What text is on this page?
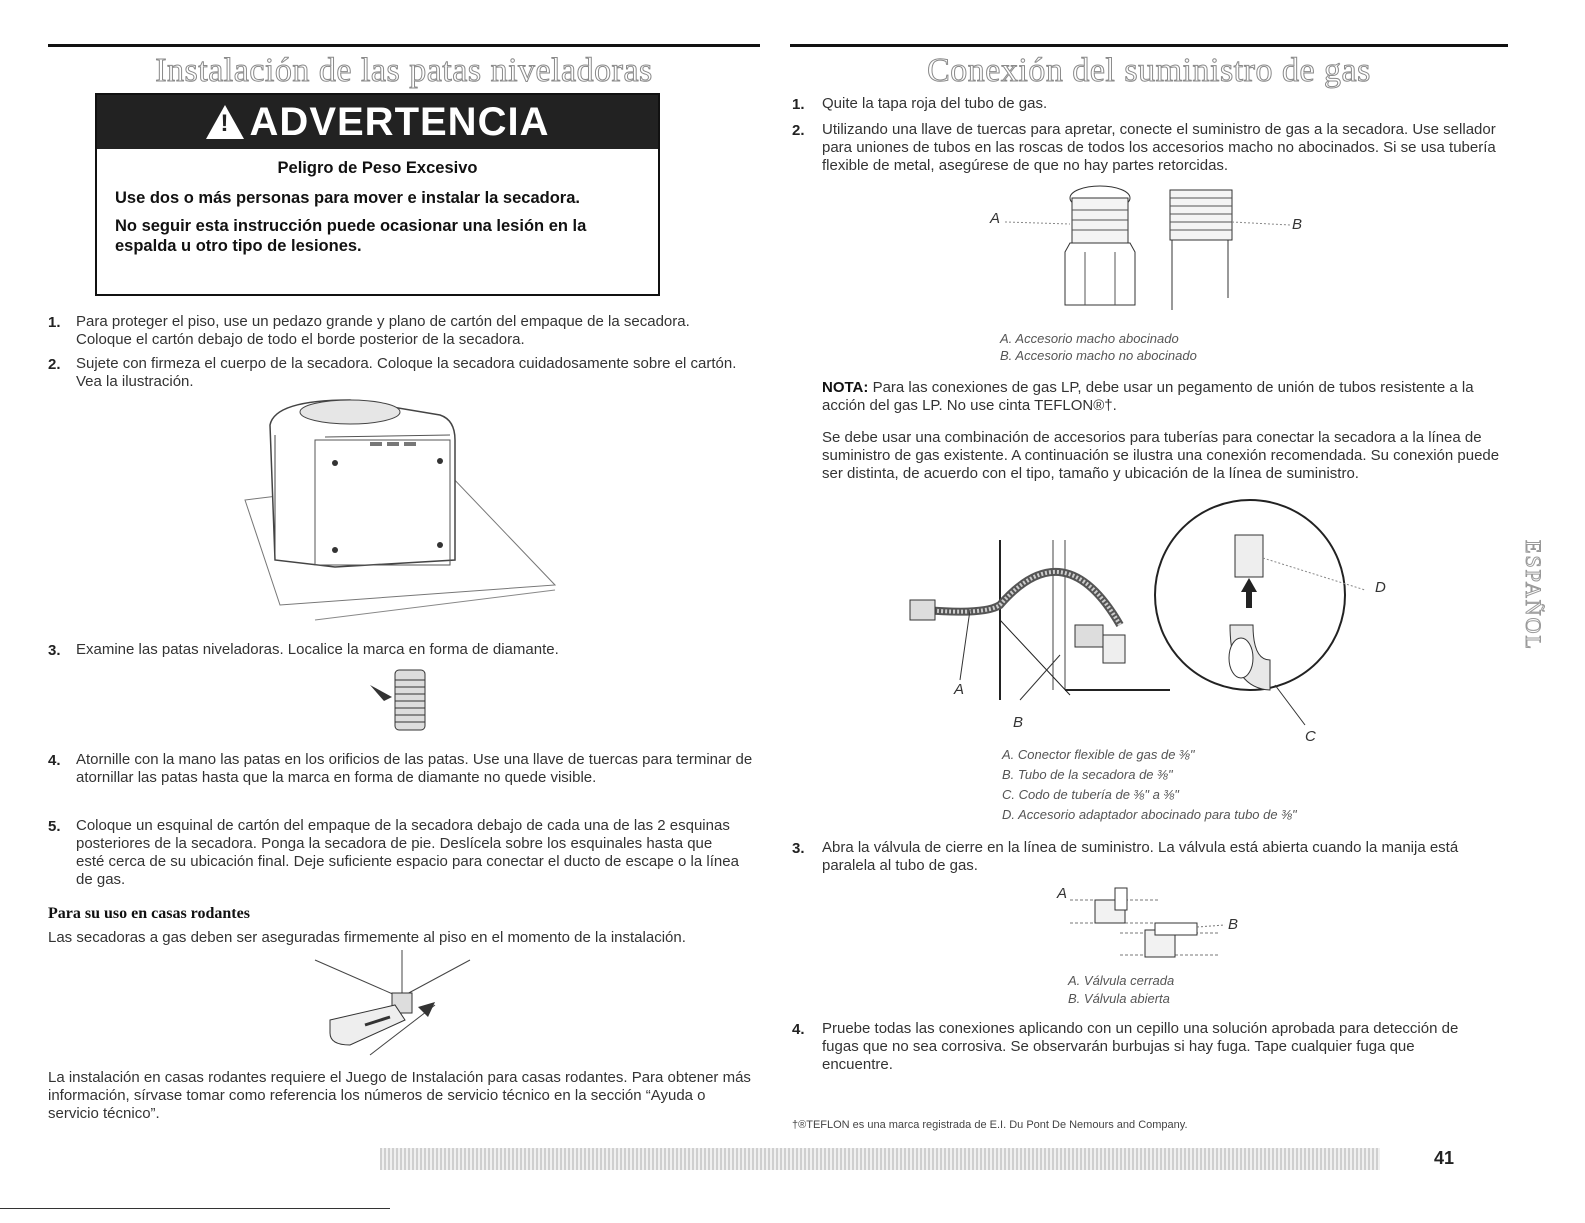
Instalación de las patas niveladoras
! ADVERTENCIA
Peligro de Peso Excesivo

Use dos o más personas para mover e instalar la secadora.

No seguir esta instrucción puede ocasionar una lesión en la espalda u otro tipo de lesiones.

1. Para proteger el piso, use un pedazo grande y plano de cartón del empaque de la secadora. Coloque el cartón debajo de todo el borde posterior de la secadora.
2. Sujete con firmeza el cuerpo de la secadora. Coloque la secadora cuidadosamente sobre el cartón. Vea la ilustración.
3. Examine las patas niveladoras. Localice la marca en forma de diamante.
4. Atornille con la mano las patas en los orificios de las patas. Use una llave de tuercas para terminar de atornillar las patas hasta que la marca en forma de diamante no quede visible.
5. Coloque un esquinal de cartón del empaque de la secadora debajo de cada una de las 2 esquinas posteriores de la secadora. Ponga la secadora de pie. Deslícela sobre los esquinales hasta que esté cerca de su ubicación final. Deje suficiente espacio para conectar el ducto de escape o la línea de gas.
Para su uso en casas rodantes
Las secadoras a gas deben ser aseguradas firmemente al piso en el momento de la instalación.
La instalación en casas rodantes requiere el Juego de Instalación para casas rodantes. Para obtener más información, sírvase tomar como referencia los números de servicio técnico en la sección “Ayuda o servicio técnico”.
Conexión del suministro de gas
1. Quite la tapa roja del tubo de gas.
2. Utilizando una llave de tuercas para apretar, conecte el suministro de gas a la secadora. Use sellador para uniones de tubos en las roscas de todos los accesorios macho no abocinados. Si se usa tubería flexible de metal, asegúrese de que no hay partes retorcidas.
A	B
A. Accesorio macho abocinado
B. Accesorio macho no abocinado
NOTA: Para las conexiones de gas LP, debe usar un pegamento de unión de tubos resistente a la acción del gas LP. No use cinta TEFLON®†.
Se debe usar una combinación de accesorios para tuberías para conectar la secadora a la línea de suministro de gas existente. A continuación se ilustra una conexión recomendada. Su conexión puede ser distinta, de acuerdo con el tipo, tamaño y ubicación de la línea de suministro.
A
B
C
D
A. Conector flexible de gas de ⅜"
B. Tubo de la secadora de ⅜"
C. Codo de tubería de ⅜" a ⅜"
D. Accesorio adaptador abocinado para tubo de ⅜"
3. Abra la válvula de cierre en la línea de suministro. La válvula está abierta cuando la manija está paralela al tubo de gas.
A
B
A. Válvula cerrada
B. Válvula abierta
4. Pruebe todas las conexiones aplicando con un cepillo una solución aprobada para detección de fugas que no sea corrosiva. Se observarán burbujas si hay fuga. Tape cualquier fuga que encuentre.
†®TEFLON es una marca registrada de E.I. Du Pont De Nemours and Company.
ESPAÑOL
41
